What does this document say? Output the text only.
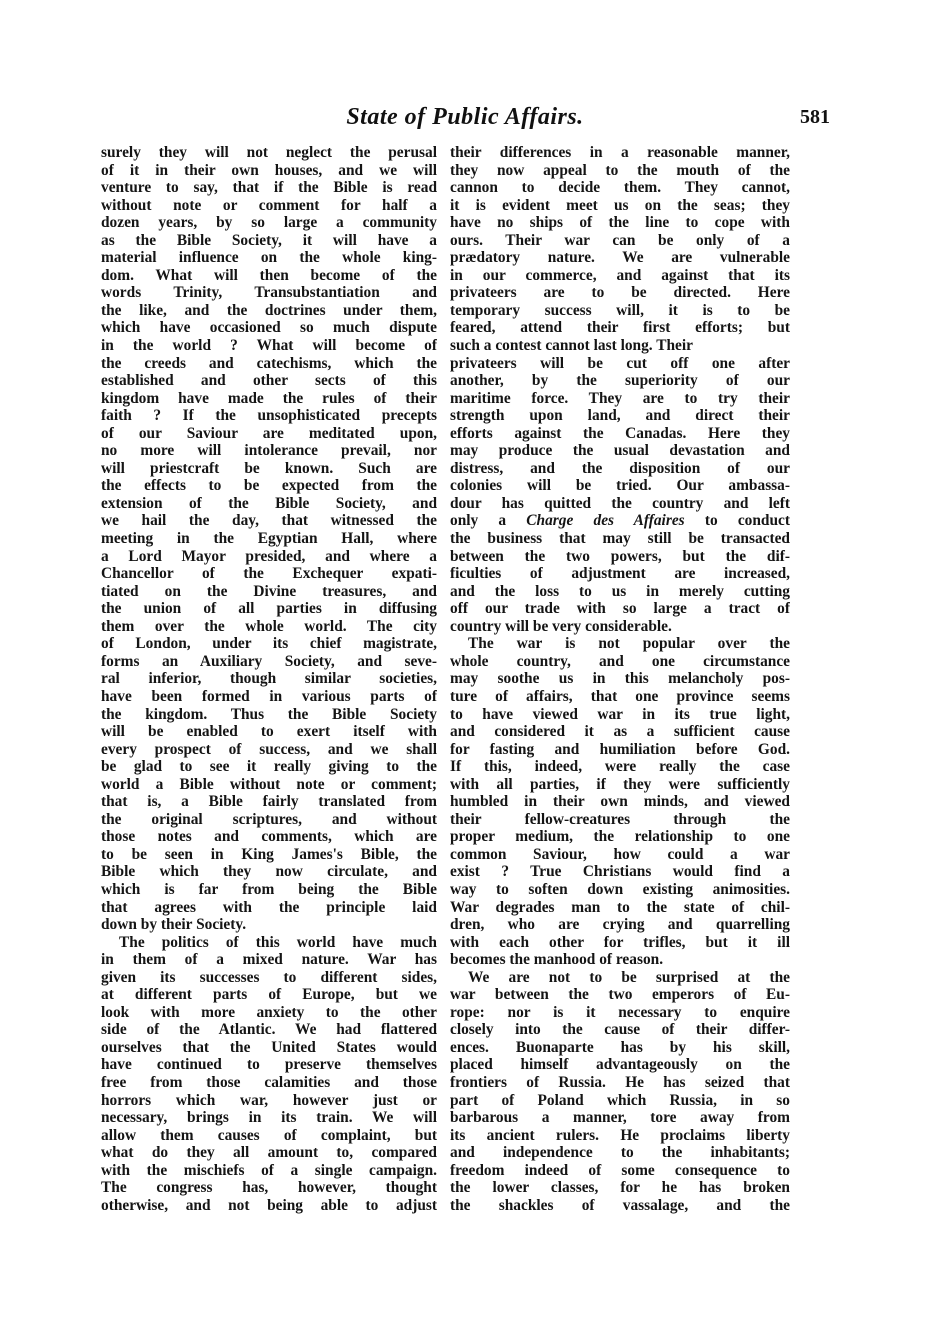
State of Public Affairs.	581
surely they will not neglect the perusal
of it in their own houses, and we will
venture to say, that if the Bible is read
without note or comment for half a
dozen years, by so large a community
as the Bible Society, it will have a
material influence on the whole king-
dom. What will then become of the
words Trinity, Transubstantiation and
the like, and the doctrines under them,
which have occasioned so much dispute
in the world ? What will become of
the creeds and catechisms, which the
established and other sects of this
kingdom have made the rules of their
faith ? If the unsophisticated precepts
of our Saviour are meditated upon,
no more will intolerance prevail, nor
will priestcraft be known. Such are
the effects to be expected from the
extension of the Bible Society, and
we hail the day, that witnessed the
meeting in the Egyptian Hall, where
a Lord Mayor presided, and where a
Chancellor of the Exchequer expati-
tiated on the Divine treasures, and
the union of all parties in diffusing
them over the whole world. The city
of London, under its chief magistrate,
forms an Auxiliary Society, and seve-
ral inferior, though similar societies,
have been formed in various parts of
the kingdom. Thus the Bible Society
will be enabled to exert itself with
every prospect of success, and we shall
be glad to see it really giving to the
world a Bible without note or comment;
that is, a Bible fairly translated from
the original scriptures, and without
those notes and comments, which are
to be seen in King James's Bible, the
Bible which they now circulate, and
which is far from being the Bible
that agrees with the principle laid
down by their Society.
The politics of this world have much
in them of a mixed nature. War has
given its successes to different sides,
at different parts of Europe, but we
look with more anxiety to the other
side of the Atlantic. We had flattered
ourselves that the United States would
have continued to preserve themselves
free from those calamities and those
horrors which war, however just or
necessary, brings in its train. We will
allow them causes of complaint, but
what do they all amount to, compared
with the mischiefs of a single campaign.
The congress has, however, thought
otherwise, and not being able to adjust
their differences in a reasonable manner,
they now appeal to the mouth of the
cannon to decide them. They cannot,
it is evident meet us on the seas; they
have no ships of the line to cope with
ours. Their war can be only of a
prædatory nature. We are vulnerable
in our commerce, and against that its
privateers are to be directed. Here
temporary success will, it is to be
feared, attend their first efforts; but
such a contest cannot last long. Their
privateers will be cut off one after
another, by the superiority of our
maritime force. They are to try their
strength upon land, and direct their
efforts against the Canadas. Here they
may produce the usual devastation and
distress, and the disposition of our
colonies will be tried. Our ambassa-
dour has quitted the country and left
only a Charge des Affaires to conduct
the business that may still be transacted
between the two powers, but the dif-
ficulties of adjustment are increased,
and the loss to us in merely cutting
off our trade with so large a tract of
country will be very considerable.
The war is not popular over the
whole country, and one circumstance
may soothe us in this melancholy pos-
ture of affairs, that one province seems
to have viewed war in its true light,
and considered it as a sufficient cause
for fasting and humiliation before God.
If this, indeed, were really the case
with all parties, if they were sufficiently
humbled in their own minds, and viewed
their fellow-creatures through the
proper medium, the relationship to one
common Saviour, how could a war
exist ? True Christians would find a
way to soften down existing animosities.
War degrades man to the state of chil-
dren, who are crying and quarrelling
with each other for trifles, but it ill
becomes the manhood of reason.
We are not to be surprised at the
war between the two emperors of Eu-
rope: nor is it necessary to enquire
closely into the cause of their differ-
ences. Buonaparte has by his skill,
placed himself advantageously on the
frontiers of Russia. He has seized that
part of Poland which Russia, in so
barbarous a manner, tore away from
its ancient rulers. He proclaims liberty
and independence to the inhabitants;
freedom indeed of some consequence to
the lower classes, for he has broken
the shackles of vassalage, and the
